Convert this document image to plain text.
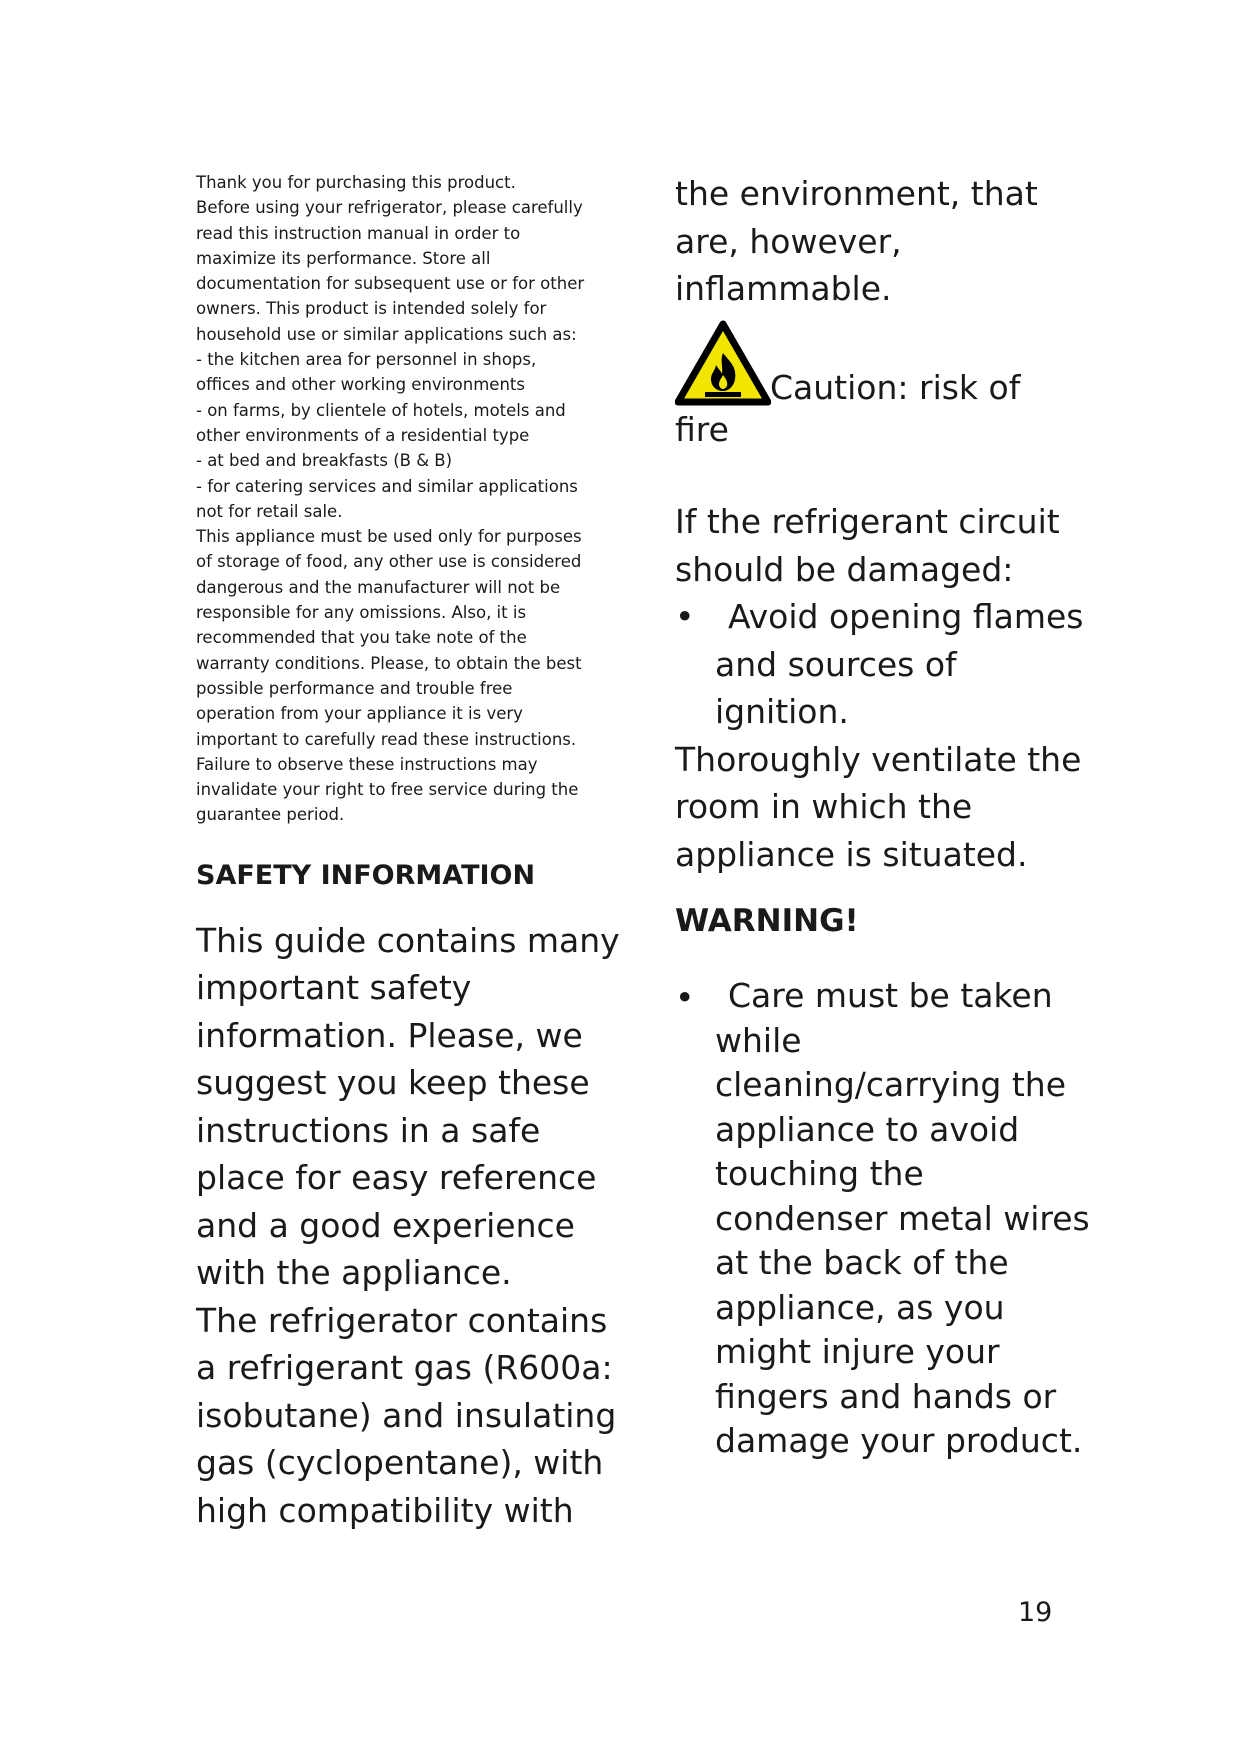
Thank you for purchasing this product.
Before using your refrigerator, please carefully
read this instruction manual in order to
maximize its performance. Store all
documentation for subsequent use or for other
owners. This product is intended solely for
household use or similar applications such as:
- the kitchen area for personnel in shops,
offices and other working environments
- on farms, by clientele of hotels, motels and
other environments of a residential type
- at bed and breakfasts (B & B)
- for catering services and similar applications
not for retail sale.
This appliance must be used only for purposes
of storage of food, any other use is considered
dangerous and the manufacturer will not be
responsible for any omissions. Also, it is
recommended that you take note of the
warranty conditions. Please, to obtain the best
possible performance and trouble free
operation from your appliance it is very
important to carefully read these instructions.
Failure to observe these instructions may
invalidate your right to free service during the
guarantee period.
SAFETY INFORMATION
This guide contains many
important safety
information. Please, we
suggest you keep these
instructions in a safe
place for easy reference
and a good experience
with the appliance.
The refrigerator contains
a refrigerant gas (R600a:
isobutane) and insulating
gas (cyclopentane), with
high compatibility with
the environment, that
are, however,
inflammable.
Caution: risk of
fire
If the refrigerant circuit
should be damaged:
•	Avoid opening flames
and sources of
ignition.
Thoroughly ventilate the
room in which the
appliance is situated.
WARNING!
•	Care must be taken
while
cleaning/carrying the
appliance to avoid
touching the
condenser metal wires
at the back of the
appliance, as you
might injure your
fingers and hands or
damage your product.
19
